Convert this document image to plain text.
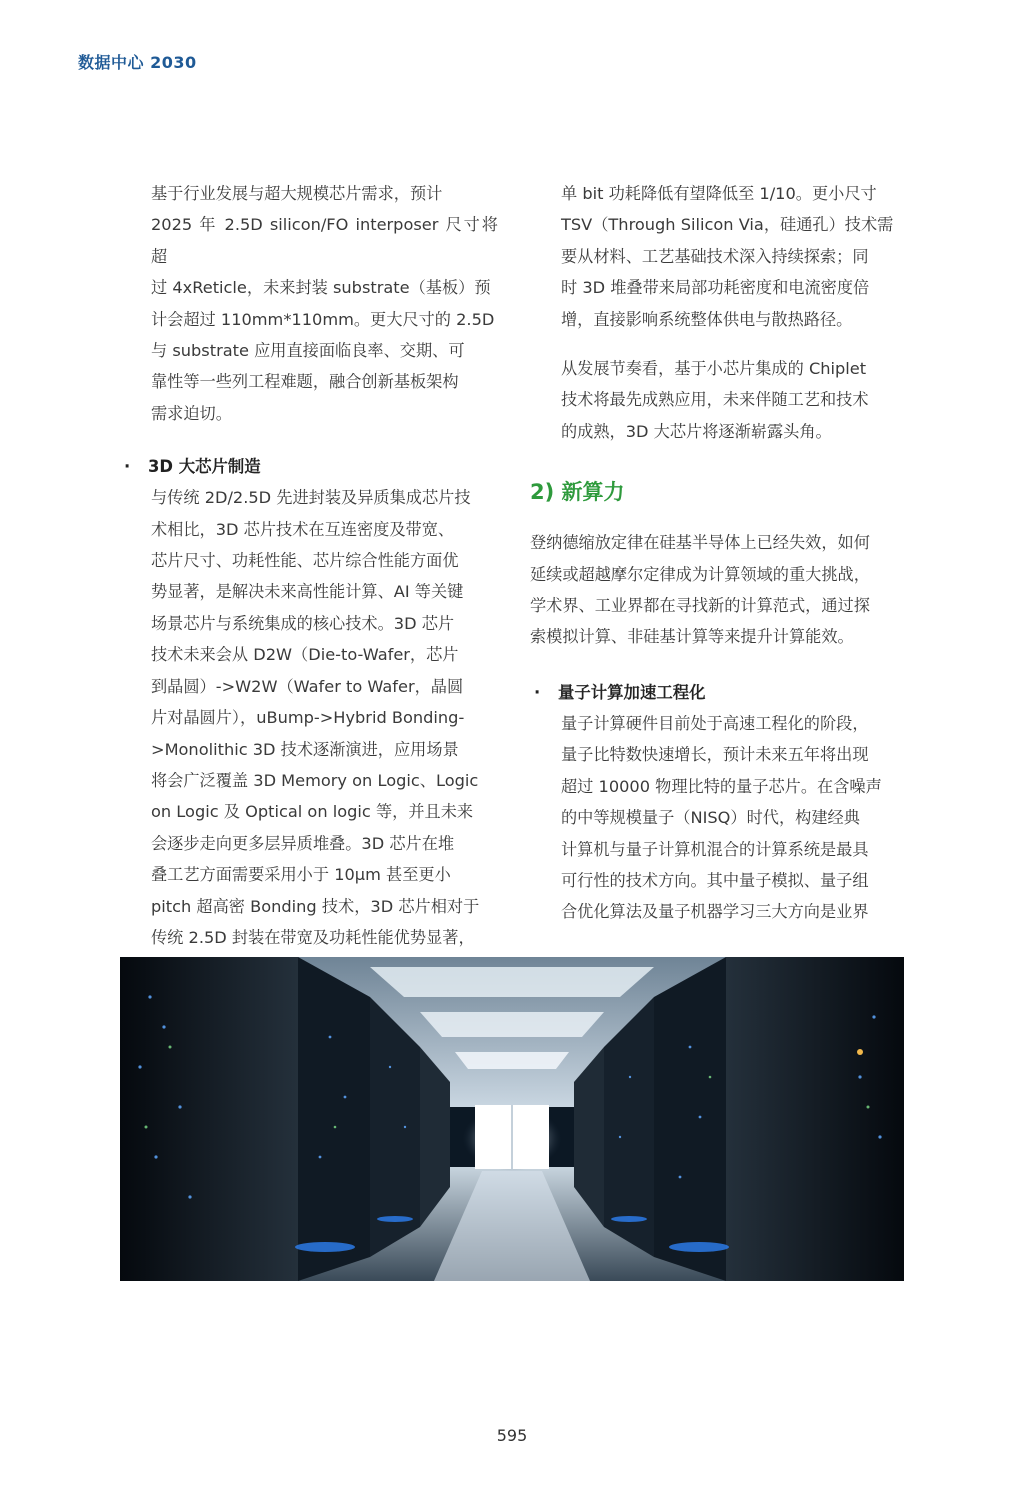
数据中心 2030
基于行业发展与超大规模芯片需求，预计
2025 年 2.5D silicon/FO interposer 尺寸将超
过 4xReticle，未来封装 substrate（基板）预
计会超过 110mm*110mm。更大尺寸的 2.5D
与 substrate 应用直接面临良率、交期、可
靠性等一些列工程难题，融合创新基板架构
需求迫切。
· 3D 大芯片制造
与传统 2D/2.5D 先进封装及异质集成芯片技
术相比，3D 芯片技术在互连密度及带宽、
芯片尺寸、功耗性能、芯片综合性能方面优
势显著，是解决未来高性能计算、AI 等关键
场景芯片与系统集成的核心技术。3D 芯片
技术未来会从 D2W（Die-to-Wafer，芯片
到晶圆）->W2W（Wafer to Wafer，晶圆
片对晶圆片），uBump->Hybrid Bonding-
>Monolithic 3D 技术逐渐演进，应用场景
将会广泛覆盖 3D Memory on Logic、Logic
on Logic 及 Optical on logic 等，并且未来
会逐步走向更多层异质堆叠。3D 芯片在堆
叠工艺方面需要采用小于 10μm 甚至更小
pitch 超高密 Bonding 技术，3D 芯片相对于
传统 2.5D 封装在带宽及功耗性能优势显著，
单 bit 功耗降低有望降低至 1/10。更小尺寸
TSV（Through Silicon Via，硅通孔）技术需
要从材料、工艺基础技术深入持续探索；同
时 3D 堆叠带来局部功耗密度和电流密度倍
增，直接影响系统整体供电与散热路径。
从发展节奏看，基于小芯片集成的 Chiplet
技术将最先成熟应用，未来伴随工艺和技术
的成熟，3D 大芯片将逐渐崭露头角。
2) 新算力
登纳德缩放定律在硅基半导体上已经失效，如何
延续或超越摩尔定律成为计算领域的重大挑战，
学术界、工业界都在寻找新的计算范式，通过探
索模拟计算、非硅基计算等来提升计算能效。
· 量子计算加速工程化
量子计算硬件目前处于高速工程化的阶段，
量子比特数快速增长，预计未来五年将出现
超过 10000 物理比特的量子芯片。在含噪声
的中等规模量子（NISQ）时代，构建经典
计算机与量子计算机混合的计算系统是最具
可行性的技术方向。其中量子模拟、量子组
合优化算法及量子机器学习三大方向是业界
595
